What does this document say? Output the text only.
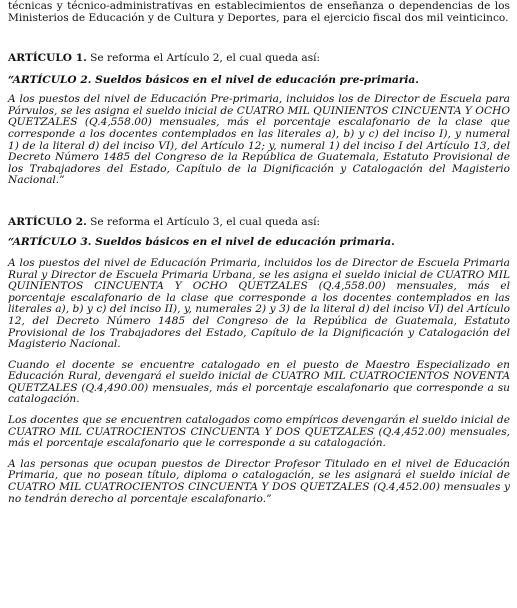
técnicas y técnico-administrativas en establecimientos de enseñanza o dependencias de los Ministerios de Educación y de Cultura y Deportes, para el ejercicio fiscal dos mil veinticinco.

ARTÍCULO 1. Se reforma el Artículo 2, el cual queda así:

“ARTÍCULO 2. Sueldos básicos en el nivel de educación pre-primaria.

A los puestos del nivel de Educación Pre-primaria, incluidos los de Director de Escuela para Párvulos, se les asigna el sueldo inicial de CUATRO MIL QUINIENTOS CINCUENTA Y OCHO QUETZALES (Q.4,558.00) mensuales, más el porcentaje escalafonario de la clase que corresponde a los docentes contemplados en las literales a), b) y c) del inciso I), y numeral 1) de la literal d) del inciso VI), del Artículo 12; y, numeral 1) del inciso I del Artículo 13, del Decreto Número 1485 del Congreso de la República de Guatemala, Estatuto Provisional de los Trabajadores del Estado, Capítulo de la Dignificación y Catalogación del Magisterio Nacional.”

ARTÍCULO 2. Se reforma el Artículo 3, el cual queda así:

“ARTÍCULO 3. Sueldos básicos en el nivel de educación primaria.

A los puestos del nivel de Educación Primaria, incluidos los de Director de Escuela Primaria Rural y Director de Escuela Primaria Urbana, se les asigna el sueldo inicial de CUATRO MIL QUINIENTOS CINCUENTA Y OCHO QUETZALES (Q.4,558.00) mensuales, más el porcentaje escalafonario de la clase que corresponde a los docentes contemplados en las literales a), b) y c) del inciso II), y, numerales 2) y 3) de la literal d) del inciso VI) del Artículo 12, del Decreto Número 1485 del Congreso de la República de Guatemala, Estatuto Provisional de los Trabajadores del Estado, Capítulo de la Dignificación y Catalogación del Magisterio Nacional.

Cuando el docente se encuentre catalogado en el puesto de Maestro Especializado en Educación Rural, devengará el sueldo inicial de CUATRO MIL CUATROCIENTOS NOVENTA QUETZALES (Q.4,490.00) mensuales, más el porcentaje escalafonario que corresponde a su catalogación.

Los docentes que se encuentren catalogados como empíricos devengarán el sueldo inicial de CUATRO MIL CUATROCIENTOS CINCUENTA Y DOS QUETZALES (Q.4,452.00) mensuales, más el porcentaje escalafonario que le corresponde a su catalogación.

A las personas que ocupan puestos de Director Profesor Titulado en el nivel de Educación Primaria, que no posean título, diploma o catalogación, se les asignará el sueldo inicial de CUATRO MIL CUATROCIENTOS CINCUENTA Y DOS QUETZALES (Q.4,452.00) mensuales y no tendrán derecho al porcentaje escalafonario.”
